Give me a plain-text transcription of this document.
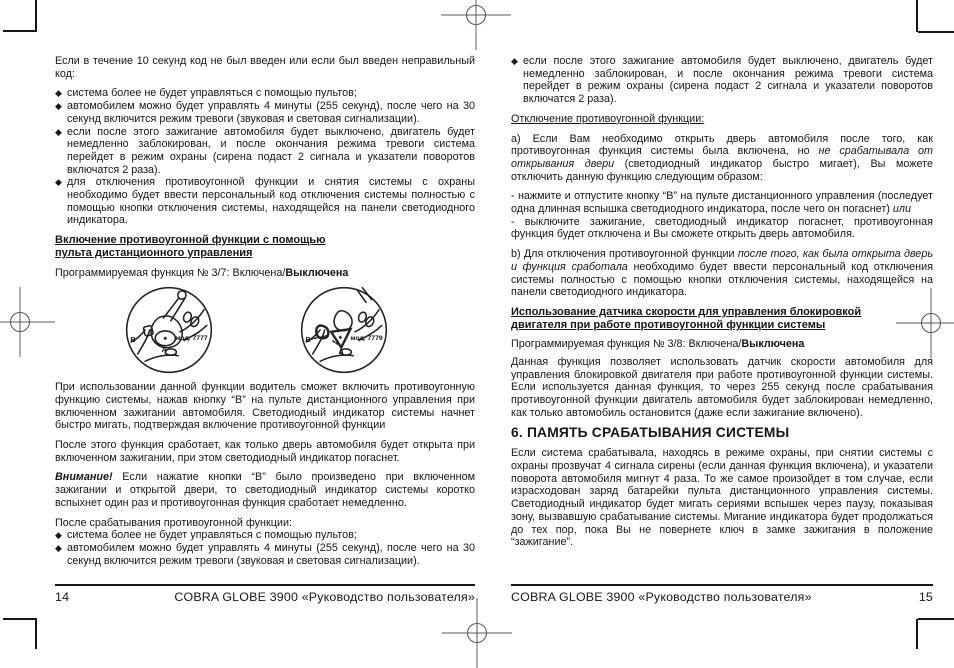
Если в течение 10 секунд код не был введен или если был введен неправильный код:

◆ система более не будет управляться с помощью пультов;
◆ автомобилем можно будет управлять 4 минуты (255 секунд), после чего на 30 секунд включится режим тревоги (звуковая и световая сигнализации).
◆ если после этого зажигание автомобиля будет выключено, двигатель будет немедленно заблокирован, и после окончания режима тревоги система перейдет в режим охраны (сирена подаст 2 сигнала и указатели поворотов включатся 2 раза).
◆ для отключения противоугонной функции и снятия системы с охраны необходимо будет ввести персональный код отключения системы полностью с помощью кнопки отключения системы, находящейся на панели светодиодного индикатора.
Включение противоугонной функции с помощью
пульта дистанционного управления

Программируемая функция № 3/7: Включена/Выключена

B
A
мод. 7777	B
A
мод. 7779

При использовании данной функции водитель сможет включить противоугонную функцию системы, нажав кнопку “В” на пульте дистанционного управления при включенном зажигании автомобиля. Светодиодный индикатор системы начнет быстро мигать, подтверждая включение противоугонной функции

После этого функция сработает, как только дверь автомобиля будет открыта при включенном зажигании, при этом светодиодный индикатор погаснет.

Внимание! Если нажатие кнопки “В” было произведено при включенном зажигании и открытой двери, то светодиодный индикатор системы коротко вспыхнет один раз и противоугонная функция сработает немедленно.

После срабатывания противоугонной функции:

◆ система более не будет управляться с помощью пультов;
◆ автомобилем можно будет управлять 4 минуты (255 секунд), после чего на 30 секунд включится режим тревоги (звуковая и световая сигнализации).
◆ если после этого зажигание автомобиля будет выключено, двигатель будет немедленно заблокирован, и после окончания режима тревоги система перейдет в режим охраны (сирена подаст 2 сигнала и указатели поворотов включатся 2 раза).

Отключение противоугонной функции:

a) Если Вам необходимо открыть дверь автомобиля после того, как противоугонная функция системы была включена, но не срабатывала от открывания двери (светодиодный индикатор быстро мигает), Вы можете отключить данную функцию следующим образом:

- нажмите и отпустите кнопку “В” на пульте дистанционного управления (последует одна длинная вспышка светодиодного индикатора, после чего он погаснет) или

- выключите зажигание, светодиодный индикатор погаснет, противоугонная функция будет отключена и Вы сможете открыть дверь автомобиля.

b) Для отключения противоугонной функции после того, как была открыта дверь и функция сработала необходимо будет ввести персональный код отключения системы полностью с помощью кнопки отключения системы, находящейся на панели светодиодного индикатора.

Использование датчика скорости для управления блокировкой
двигателя при работе противоугонной функции системы

Программируемая функция № 3/8: Включена/Выключена

Данная функция позволяет использовать датчик скорости автомобиля для управления блокировкой двигателя при работе противоугонной функции системы. Если используется данная функция, то через 255 секунд после срабатывания противоугонной функции двигатель автомобиля будет заблокирован немедленно, как только автомобиль остановится (даже если зажигание включено).

6. ПАМЯТЬ СРАБАТЫВАНИЯ СИСТЕМЫ

Если система срабатывала, находясь в режиме охраны, при снятии системы с охраны прозвучат 4 сигнала сирены (если данная функция включена), и указатели поворота автомобиля мигнут 4 раза. То же самое произойдет в том случае, если израсходован заряд батарейки пульта дистанционного управления системы. Светодиодный индикатор будет мигать сериями вспышек через паузу, показывая зону, вызвавшую срабатывание системы. Мигание индикатора будет продолжаться до тех пор, пока Вы не повернете ключ в замке зажигания в положение “зажигание”.

14	COBRA GLOBE 3900 «Руководство пользователя»	COBRA GLOBE 3900 «Руководство пользователя»	15
